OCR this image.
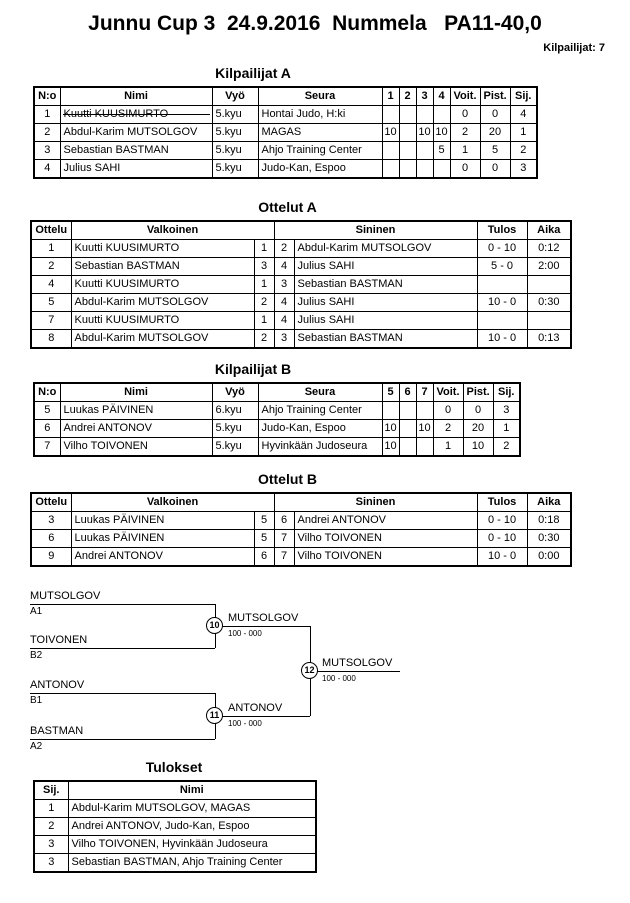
Junnu Cup 3  24.9.2016  Nummela   PA11-40,0
Kilpailijat: 7
Kilpailijat A
N:o	Nimi	Vyö	Seura	1	2	3	4	Voit.	Pist.	Sij.
1	Kuutti KUUSIMURTO	5.kyu	Hontai Judo, H:ki					0	0	4
2	Abdul-Karim MUTSOLGOV	5.kyu	MAGAS	10		10	10	2	20	1
3	Sebastian BASTMAN	5.kyu	Ahjo Training Center				5	1	5	2
4	Julius SAHI	5.kyu	Judo-Kan, Espoo					0	0	3
Ottelut A
Ottelu	Valkoinen		Sininen		Tulos	Aika
1	Kuutti KUUSIMURTO	1	2	Abdul-Karim MUTSOLGOV	0 - 10	0:12
2	Sebastian BASTMAN	3	4	Julius SAHI	5 - 0	2:00
4	Kuutti KUUSIMURTO	1	3	Sebastian BASTMAN		
5	Abdul-Karim MUTSOLGOV	2	4	Julius SAHI	10 - 0	0:30
7	Kuutti KUUSIMURTO	1	4	Julius SAHI		
8	Abdul-Karim MUTSOLGOV	2	3	Sebastian BASTMAN	10 - 0	0:13
Kilpailijat B
N:o	Nimi	Vyö	Seura	5	6	7	Voit.	Pist.	Sij.
5	Luukas PÄIVINEN	6.kyu	Ahjo Training Center				0	0	3
6	Andrei ANTONOV	5.kyu	Judo-Kan, Espoo	10		10	2	20	1
7	Vilho TOIVONEN	5.kyu	Hyvinkään Judoseura	10			1	10	2
Ottelut B
Ottelu	Valkoinen		Sininen		Tulos	Aika
3	Luukas PÄIVINEN	5	6	Andrei ANTONOV	0 - 10	0:18
6	Luukas PÄIVINEN	5	7	Vilho TOIVONEN	0 - 10	0:30
9	Andrei ANTONOV	6	7	Vilho TOIVONEN	10 - 0	0:00
MUTSOLGOV
A1
TOIVONEN
B2
10
MUTSOLGOV
100 - 000
12
MUTSOLGOV
100 - 000
ANTONOV
B1
BASTMAN
A2
11
ANTONOV
100 - 000
Tulokset
Sij.	Nimi
1	Abdul-Karim MUTSOLGOV, MAGAS
2	Andrei ANTONOV, Judo-Kan, Espoo
3	Vilho TOIVONEN, Hyvinkään Judoseura
3	Sebastian BASTMAN, Ahjo Training Center
